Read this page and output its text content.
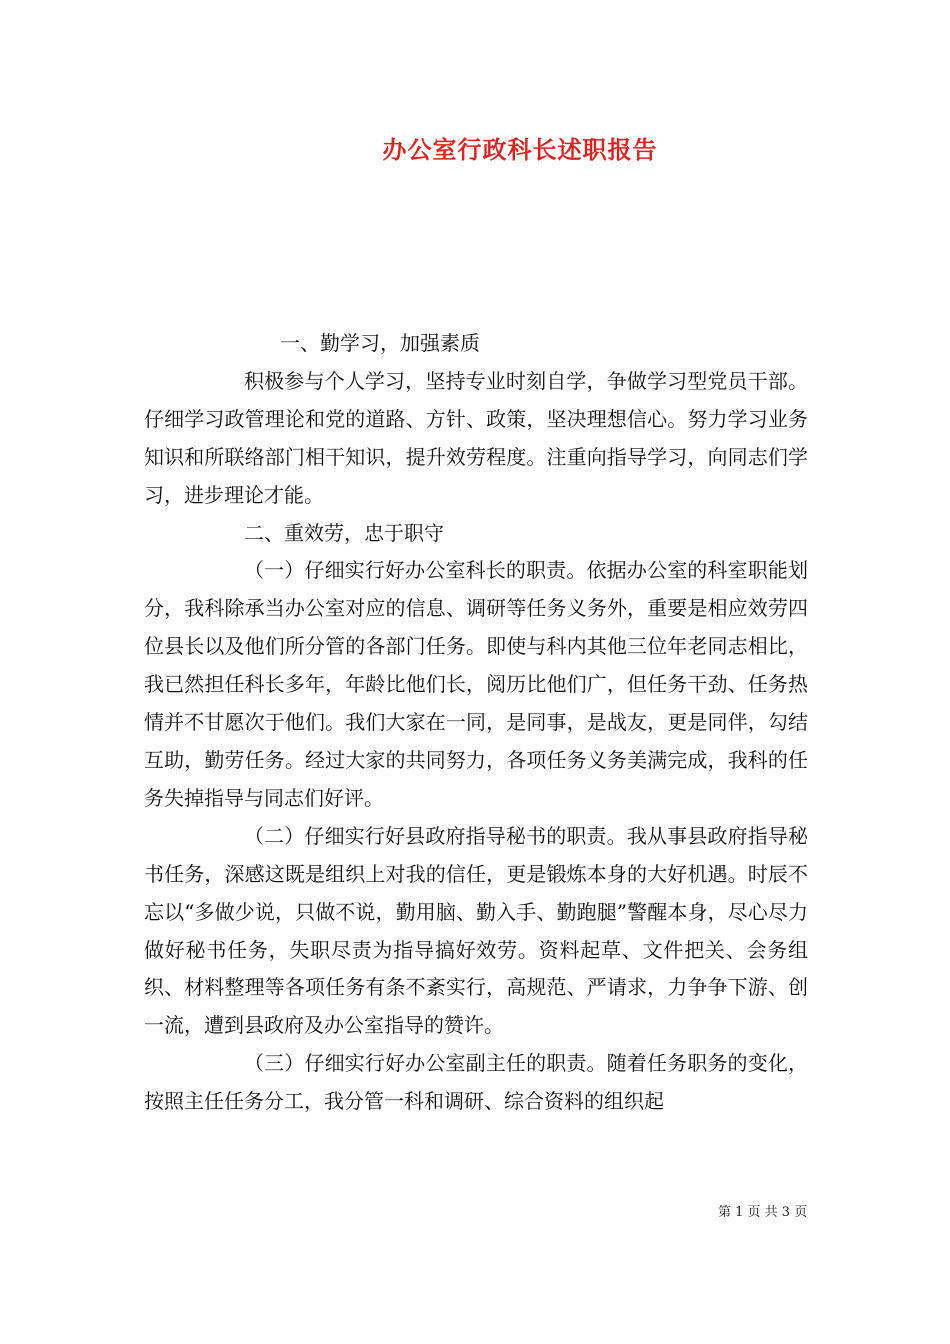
办公室行政科长述职报告

一、勤学习，加强素质

积极参与个人学习，坚持专业时刻自学，争做学习型党员干部。仔细学习政管理论和党的道路、方针、政策，坚决理想信心。努力学习业务知识和所联络部门相干知识，提升效劳程度。注重向指导学习，向同志们学习，进步理论才能。

二、重效劳，忠于职守

（一）仔细实行好办公室科长的职责。依据办公室的科室职能划分，我科除承当办公室对应的信息、调研等任务义务外，重要是相应效劳四位县长以及他们所分管的各部门任务。即使与科内其他三位年老同志相比，我已然担任科长多年，年龄比他们长，阅历比他们广，但任务干劲、任务热情并不甘愿次于他们。我们大家在一同，是同事，是战友，更是同伴，勾结互助，勤劳任务。经过大家的共同努力，各项任务义务美满完成，我科的任务失掉指导与同志们好评。

（二）仔细实行好县政府指导秘书的职责。我从事县政府指导秘书任务，深感这既是组织上对我的信任，更是锻炼本身的大好机遇。时辰不忘以“多做少说，只做不说，勤用脑、勤入手、勤跑腿”警醒本身，尽心尽力做好秘书任务，失职尽责为指导搞好效劳。资料起草、文件把关、会务组织、材料整理等各项任务有条不紊实行，高规范、严请求，力争争下游、创一流，遭到县政府及办公室指导的赞许。

（三）仔细实行好办公室副主任的职责。随着任务职务的变化，按照主任任务分工，我分管一科和调研、综合资料的组织起

第 1 页 共 3 页
